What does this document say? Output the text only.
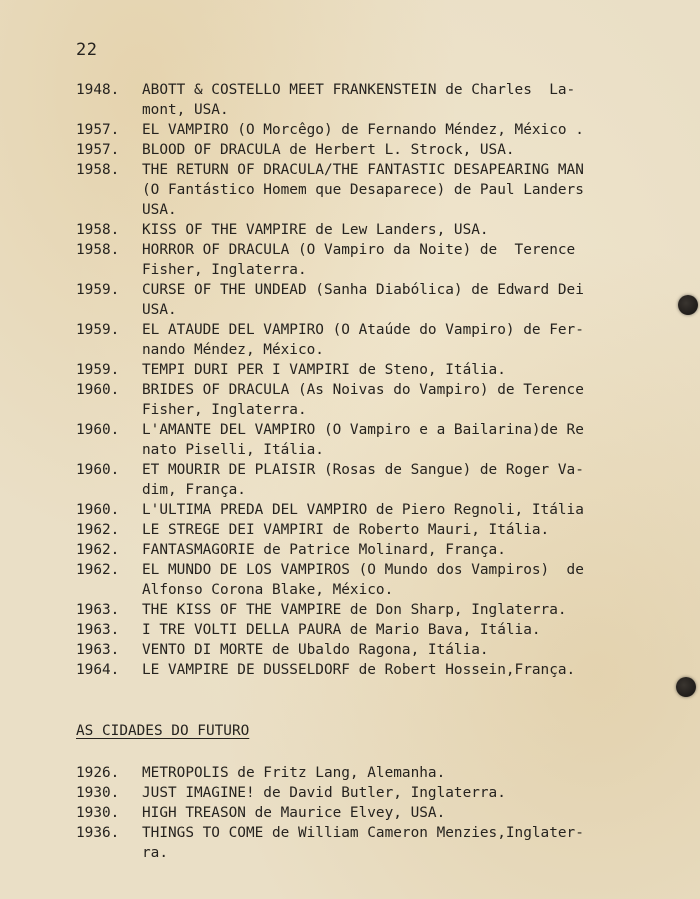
22
1948.	ABOTT & COSTELLO MEET FRANKENSTEIN de Charles  La-
mont, USA.
1957.	EL VAMPIRO (O Morcêgo) de Fernando Méndez, México .
1957.	BLOOD OF DRACULA de Herbert L. Strock, USA.
1958.	THE RETURN OF DRACULA/THE FANTASTIC DESAPEARING MAN
(O Fantástico Homem que Desaparece) de Paul Landers
USA.
1958.	KISS OF THE VAMPIRE de Lew Landers, USA.
1958.	HORROR OF DRACULA (O Vampiro da Noite) de  Terence
Fisher, Inglaterra.
1959.	CURSE OF THE UNDEAD (Sanha Diabólica) de Edward Dei
USA.
1959.	EL ATAUDE DEL VAMPIRO (O Ataúde do Vampiro) de Fer-
nando Méndez, México.
1959.	TEMPI DURI PER I VAMPIRI de Steno, Itália.
1960.	BRIDES OF DRACULA (As Noivas do Vampiro) de Terence
Fisher, Inglaterra.
1960.	L'AMANTE DEL VAMPIRO (O Vampiro e a Bailarina)de Re
nato Piselli, Itália.
1960.	ET MOURIR DE PLAISIR (Rosas de Sangue) de Roger Va-
dim, França.
1960.	L'ULTIMA PREDA DEL VAMPIRO de Piero Regnoli, Itália
1962.	LE STREGE DEI VAMPIRI de Roberto Mauri, Itália.
1962.	FANTASMAGORIE de Patrice Molinard, França.
1962.	EL MUNDO DE LOS VAMPIROS (O Mundo dos Vampiros)  de
Alfonso Corona Blake, México.
1963.	THE KISS OF THE VAMPIRE de Don Sharp, Inglaterra.
1963.	I TRE VOLTI DELLA PAURA de Mario Bava, Itália.
1963.	VENTO DI MORTE de Ubaldo Ragona, Itália.
1964.	LE VAMPIRE DE DUSSELDORF de Robert Hossein,França.
AS CIDADES DO FUTURO
1926.	METROPOLIS de Fritz Lang, Alemanha.
1930.	JUST IMAGINE! de David Butler, Inglaterra.
1930.	HIGH TREASON de Maurice Elvey, USA.
1936.	THINGS TO COME de William Cameron Menzies,Inglater-
ra.
